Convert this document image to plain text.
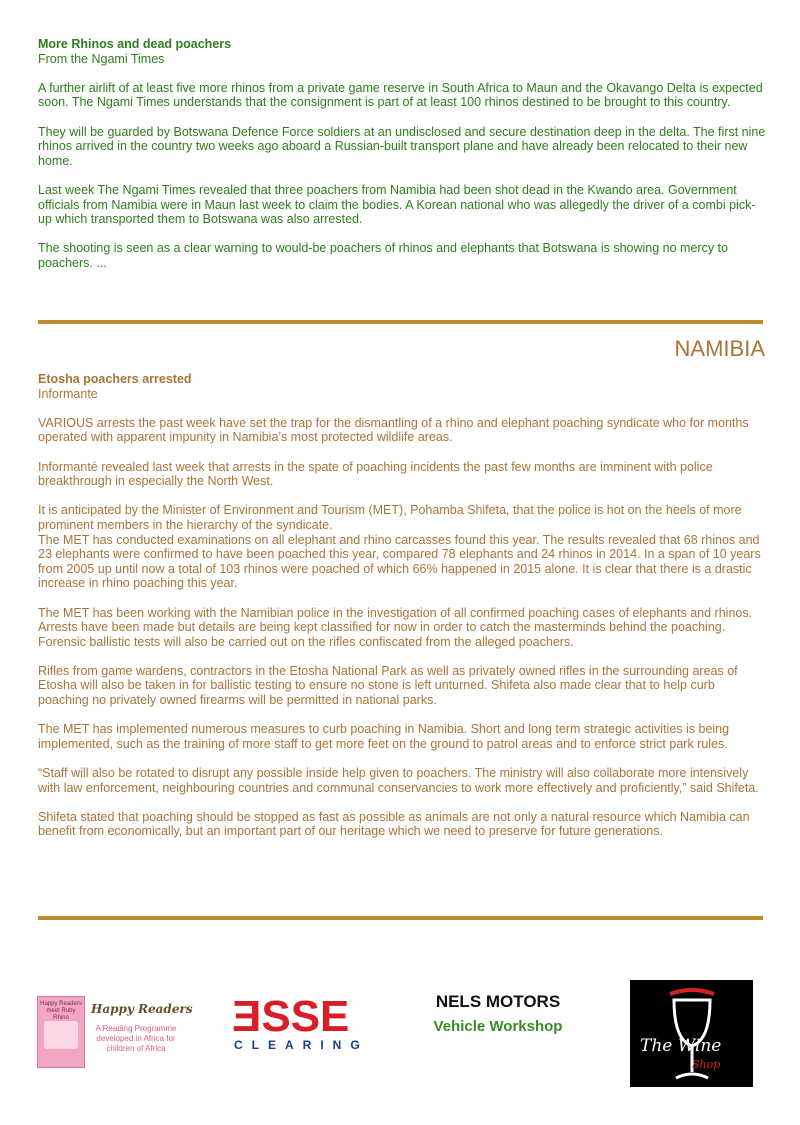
More Rhinos and dead poachers
From the Ngami Times

A further airlift of at least five more rhinos from a private game reserve in South Africa to Maun and the Okavango Delta is expected soon. The Ngami Times understands that the consignment is part of at least 100 rhinos destined to be brought to this country.

They will be guarded by Botswana Defence Force soldiers at an undisclosed and secure destination deep in the delta. The first nine rhinos arrived in the country two weeks ago aboard a Russian-built transport plane and have already been relocated to their new home.

Last week The Ngami Times revealed that three poachers from Namibia had been shot dead in the Kwando area. Government officials from Namibia were in Maun last week to claim the bodies. A Korean national who was allegedly the driver of a combi pick-up which transported them to Botswana was also arrested.

The shooting is seen as a clear warning to would-be poachers of rhinos and elephants that Botswana is showing no mercy to poachers. ...

NAMIBIA
Etosha poachers arrested
Informante

VARIOUS arrests the past week have set the trap for the dismantling of a rhino and elephant poaching syndicate who for months operated with apparent impunity in Namibia’s most protected wildlife areas.

Informanté revealed last week that arrests in the spate of poaching incidents the past few months are imminent with police breakthrough in especially the North West.

It is anticipated by the Minister of Environment and Tourism (MET), Pohamba Shifeta, that the police is hot on the heels of more prominent members in the hierarchy of the syndicate.
The MET has conducted examinations on all elephant and rhino carcasses found this year. The results revealed that 68 rhinos and 23 elephants were confirmed to have been poached this year, compared 78 elephants and 24 rhinos in 2014. In a span of 10 years from 2005 up until now a total of 103 rhinos were poached of which 66% happened in 2015 alone. It is clear that there is a drastic increase in rhino poaching this year.

The MET has been working with the Namibian police in the investigation of all confirmed poaching cases of elephants and rhinos. Arrests have been made but details are being kept classified for now in order to catch the masterminds behind the poaching. Forensic ballistic tests will also be carried out on the rifles confiscated from the alleged poachers.

Rifles from game wardens, contractors in the Etosha National Park as well as privately owned rifles in the surrounding areas of Etosha will also be taken in for ballistic testing to ensure no stone is left unturned. Shifeta also made clear that to help curb poaching no privately owned firearms will be permitted in national parks.

The MET has implemented numerous measures to curb poaching in Namibia. Short and long term strategic activities is being implemented, such as the training of more staff to get more feet on the ground to patrol areas and to enforce strict park rules.

“Staff will also be rotated to disrupt any possible inside help given to poachers. The ministry will also collaborate more intensively with law enforcement, neighbouring countries and communal conservancies to work more effectively and proficiently,” said Shifeta.

Shifeta stated that poaching should be stopped as fast as possible as animals are not only a natural resource which Namibia can benefit from economically, but an important part of our heritage which we need to preserve for future generations.

Happy Readers meet Ruby Rhino
Happy Readers
A Reading Programme developed in Africa for children of Africa
ƎSSE
CLEARING
NELS MOTORS
Vehicle Workshop
The Wine
Shop
